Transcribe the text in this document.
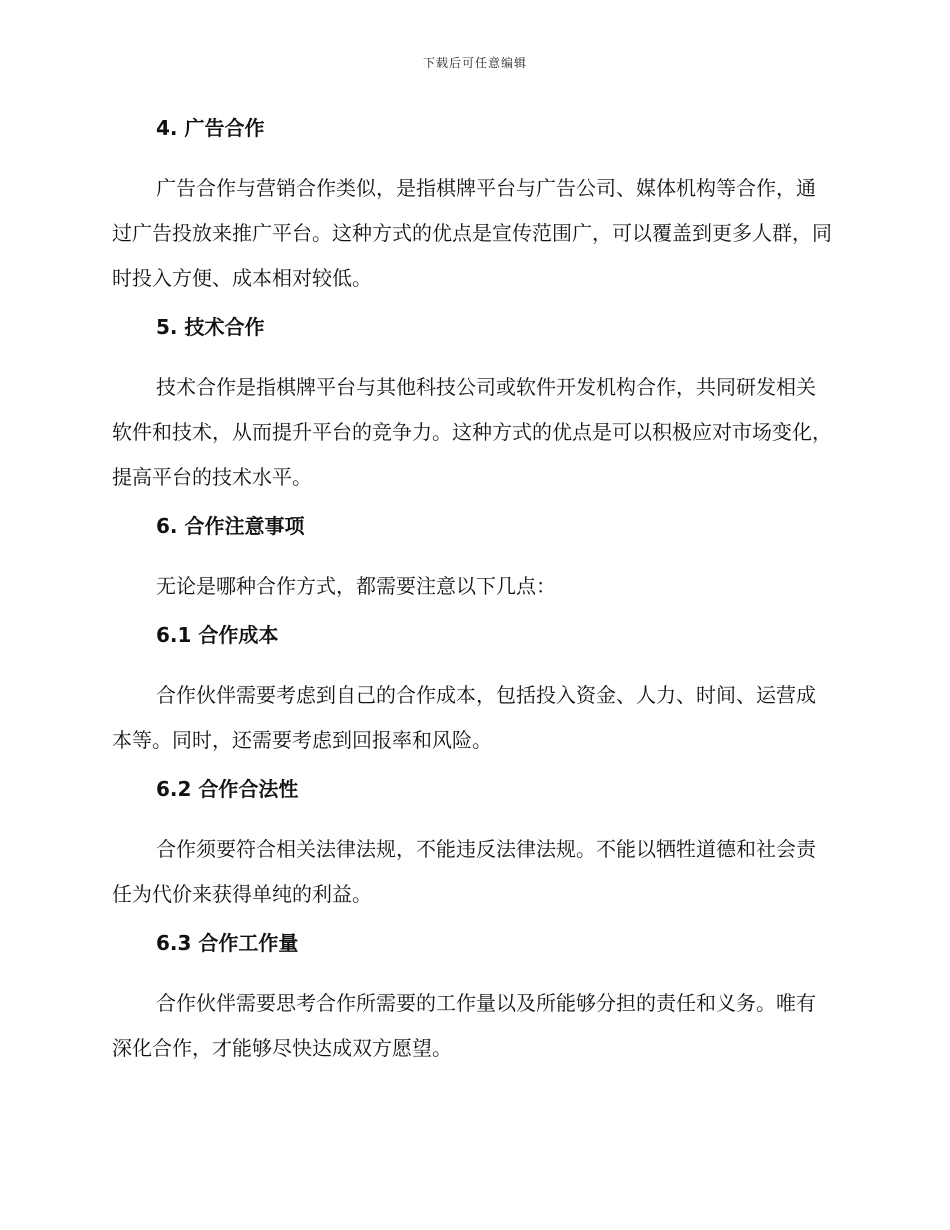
下载后可任意编辑
4. 广告合作

广告合作与营销合作类似，是指棋牌平台与广告公司、媒体机构等合作，通过广告投放来推广平台。这种方式的优点是宣传范围广，可以覆盖到更多人群，同时投入方便、成本相对较低。

5. 技术合作

技术合作是指棋牌平台与其他科技公司或软件开发机构合作，共同研发相关软件和技术，从而提升平台的竞争力。这种方式的优点是可以积极应对市场变化，提高平台的技术水平。

6. 合作注意事项

无论是哪种合作方式，都需要注意以下几点：

6.1 合作成本

合作伙伴需要考虑到自己的合作成本，包括投入资金、人力、时间、运营成本等。同时，还需要考虑到回报率和风险。

6.2 合作合法性

合作须要符合相关法律法规，不能违反法律法规。不能以牺牲道德和社会责任为代价来获得单纯的利益。

6.3 合作工作量

合作伙伴需要思考合作所需要的工作量以及所能够分担的责任和义务。唯有深化合作，才能够尽快达成双方愿望。
